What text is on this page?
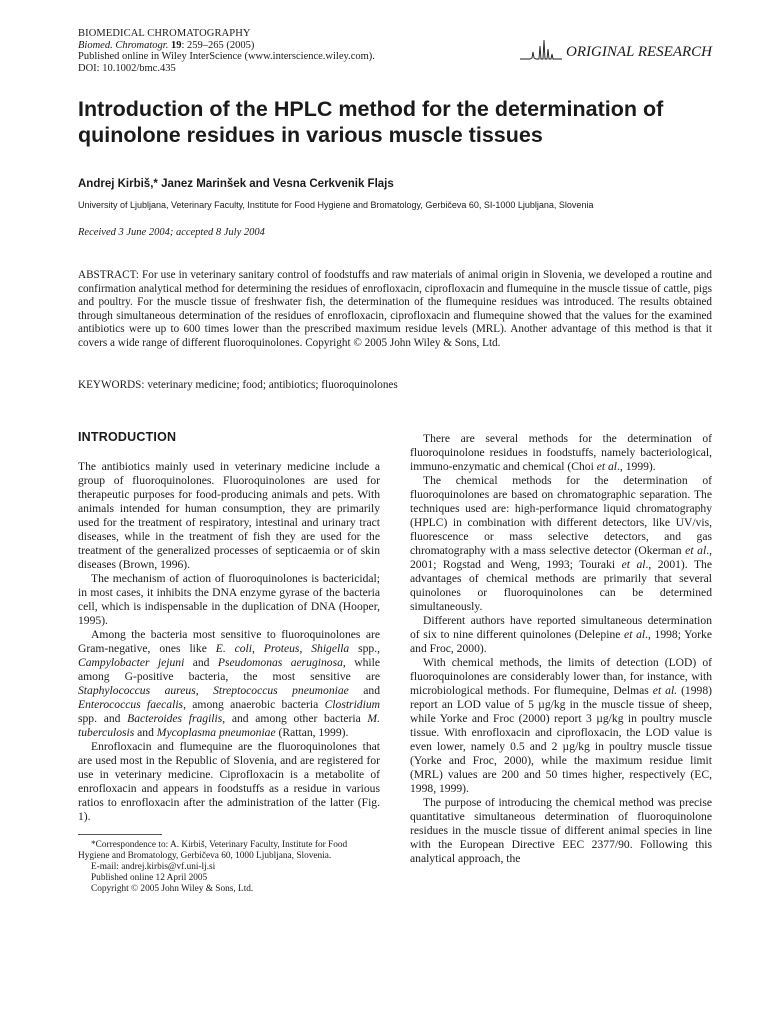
BIOMEDICAL CHROMATOGRAPHY
Biomed. Chromatogr. 19: 259–265 (2005)
Published online in Wiley InterScience (www.interscience.wiley.com).
DOI: 10.1002/bmc.435
ORIGINAL RESEARCH
Introduction of the HPLC method for the determination of quinolone residues in various muscle tissues
Andrej Kirbiš,* Janez Marinšek and Vesna Cerkvenik Flajs
University of Ljubljana, Veterinary Faculty, Institute for Food Hygiene and Bromatology, Gerbičeva 60, SI-1000 Ljubljana, Slovenia
Received 3 June 2004; accepted 8 July 2004

ABSTRACT: For use in veterinary sanitary control of foodstuffs and raw materials of animal origin in Slovenia, we developed a routine and confirmation analytical method for determining the residues of enrofloxacin, ciprofloxacin and flumequine in the muscle tissue of cattle, pigs and poultry. For the muscle tissue of freshwater fish, the determination of the flumequine residues was introduced. The results obtained through simultaneous determination of the residues of enrofloxacin, ciprofloxacin and flumequine showed that the values for the examined antibiotics were up to 600 times lower than the prescribed maximum residue levels (MRL). Another advantage of this method is that it covers a wide range of different fluoroquinolones. Copyright © 2005 John Wiley & Sons, Ltd.

KEYWORDS: veterinary medicine; food; antibiotics; fluoroquinolones
INTRODUCTION

The antibiotics mainly used in veterinary medicine include a group of fluoroquinolones. Fluoroquinolones are used for therapeutic purposes for food-producing animals and pets. With animals intended for human consumption, they are primarily used for the treatment of respiratory, intestinal and urinary tract diseases, while in the treatment of fish they are used for the treatment of the generalized processes of septicaemia or of skin diseases (Brown, 1996).

The mechanism of action of fluoroquinolones is bactericidal; in most cases, it inhibits the DNA enzyme gyrase of the bacteria cell, which is indispensable in the duplication of DNA (Hooper, 1995).

Among the bacteria most sensitive to fluoroquinolones are Gram-negative, ones like E. coli, Proteus, Shigella spp., Campylobacter jejuni and Pseudomonas aeruginosa, while among G-positive bacteria, the most sensitive are Staphylococcus aureus, Streptococcus pneumoniae and Enterococcus faecalis, among anaerobic bacteria Clostridium spp. and Bacteroides fragilis, and among other bacteria M. tuberculosis and Mycoplasma pneumoniae (Rattan, 1999).

Enrofloxacin and flumequine are the fluoroquinolones that are used most in the Republic of Slovenia, and are registered for use in veterinary medicine. Ciprofloxacin is a metabolite of enrofloxacin and appears in foodstuffs as a residue in various ratios to enrofloxacin after the administration of the latter (Fig. 1).

*Correspondence to: A. Kirbiš, Veterinary Faculty, Institute for Food Hygiene and Bromatology, Gerbičeva 60, 1000 Ljubljana, Slovenia.

E-mail: andrej.kirbis@vf.uni-lj.si

Published online 12 April 2005

Copyright © 2005 John Wiley & Sons, Ltd.

There are several methods for the determination of fluoroquinolone residues in foodstuffs, namely bacteriological, immuno-enzymatic and chemical (Choi et al., 1999).

The chemical methods for the determination of fluoroquinolones are based on chromatographic separation. The techniques used are: high-performance liquid chromatography (HPLC) in combination with different detectors, like UV/vis, fluorescence or mass selective detectors, and gas chromatography with a mass selective detector (Okerman et al., 2001; Rogstad and Weng, 1993; Touraki et al., 2001). The advantages of chemical methods are primarily that several quinolones or fluoroquinolones can be determined simultaneously.

Different authors have reported simultaneous determination of six to nine different quinolones (Delepine et al., 1998; Yorke and Froc, 2000).

With chemical methods, the limits of detection (LOD) of fluoroquinolones are considerably lower than, for instance, with microbiological methods. For flumequine, Delmas et al. (1998) report an LOD value of 5 µg/kg in the muscle tissue of sheep, while Yorke and Froc (2000) report 3 µg/kg in poultry muscle tissue. With enrofloxacin and ciprofloxacin, the LOD value is even lower, namely 0.5 and 2 µg/kg in poultry muscle tissue (Yorke and Froc, 2000), while the maximum residue limit (MRL) values are 200 and 50 times higher, respectively (EC, 1998, 1999).

The purpose of introducing the chemical method was precise quantitative simultaneous determination of fluoroquinolone residues in the muscle tissue of different animal species in line with the European Directive EEC 2377/90. Following this analytical approach, the
